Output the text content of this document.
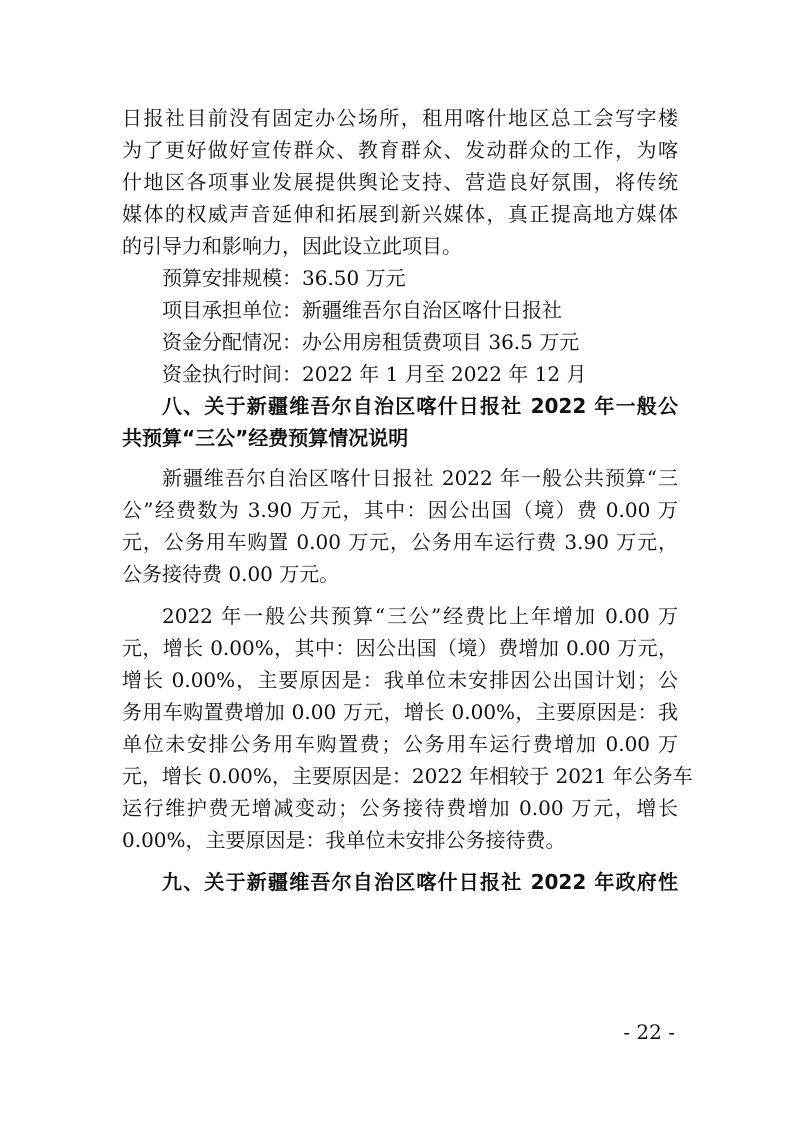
日报社目前没有固定办公场所，租用喀什地区总工会写字楼
为了更好做好宣传群众、教育群众、发动群众的工作，为喀
什地区各项事业发展提供舆论支持、营造良好氛围，将传统
媒体的权威声音延伸和拓展到新兴媒体，真正提高地方媒体
的引导力和影响力，因此设立此项目。
预算安排规模：36.50 万元
项目承担单位：新疆维吾尔自治区喀什日报社
资金分配情况：办公用房租赁费项目 36.5 万元
资金执行时间：2022 年 1 月至 2022 年 12 月
八、关于新疆维吾尔自治区喀什日报社 2022 年一般公
共预算“三公”经费预算情况说明
新疆维吾尔自治区喀什日报社 2022 年一般公共预算“三
公”经费数为 3.90 万元，其中：因公出国（境）费 0.00 万
元，公务用车购置 0.00 万元，公务用车运行费 3.90 万元，
公务接待费 0.00 万元。
2022 年一般公共预算“三公”经费比上年增加 0.00 万
元，增长 0.00%，其中：因公出国（境）费增加 0.00 万元，
增长 0.00%，主要原因是：我单位未安排因公出国计划；公
务用车购置费增加 0.00 万元，增长 0.00%，主要原因是：我
单位未安排公务用车购置费；公务用车运行费增加 0.00 万
元，增长 0.00%，主要原因是：2022 年相较于 2021 年公务车
运行维护费无增减变动；公务接待费增加 0.00 万元，增长
0.00%，主要原因是：我单位未安排公务接待费。
九、关于新疆维吾尔自治区喀什日报社 2022 年政府性
- 22 -
